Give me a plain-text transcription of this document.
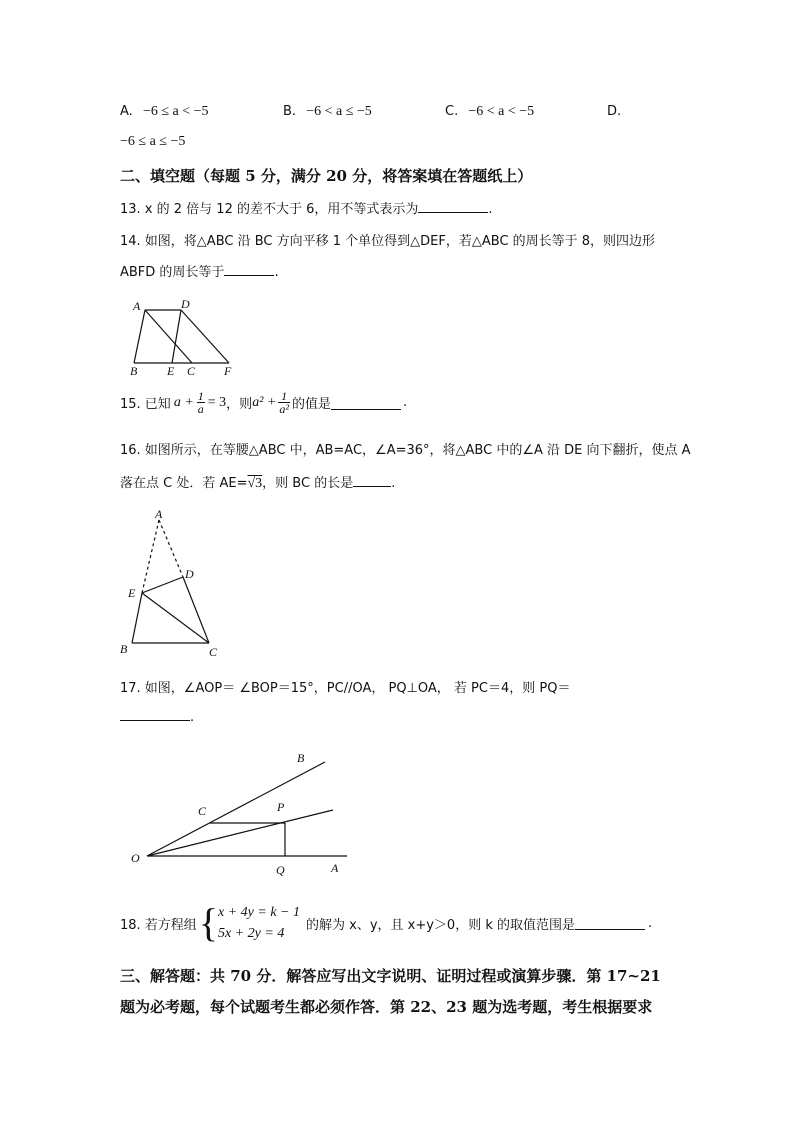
A. −6 ≤ a < −5	B. −6 < a ≤ −5	C. −6 < a < −5	D.
−6 ≤ a ≤ −5
二、填空题（每题 5 分，满分 20 分，将答案填在答题纸上）
13. x 的 2 倍与 12 的差不大于 6，用不等式表示为	.
14. 如图，将△ABC 沿 BC 方向平移 1 个单位得到△DEF，若△ABC 的周长等于 8，则四边形
ABFD 的周长等于	.
A	D
B E C F
15. 已知 $a + \frac{1}{a} = 3$ ，则 $a^2 + \frac{1}{\text{a²}}$ 的值是	.
16. 如图所示，在等腰△ABC 中，AB=AC，∠A=36°，将△ABC 中的∠A 沿 DE 向下翻折，使点 A
落在点 C 处．若 AE=√3，则 BC 的长是	.
A
D
E
B	C
17. 如图，∠AOP＝ ∠BOP＝15°，PC//OA， PQ⊥OA， 若 PC＝4，则 PQ＝
.
B
C	P
O
Q	A
18. 若方程组 { x + 4y = k − 1
5x + 2y = 4
的解为 x、y，且 x+y＞0，则 k 的取值范围是	.
三、解答题：共 70 分．解答应写出文字说明、证明过程或演算步骤．第 17~21
题为必考题，每个试题考生都必须作答．第 22、23 题为选考题，考生根据要求
